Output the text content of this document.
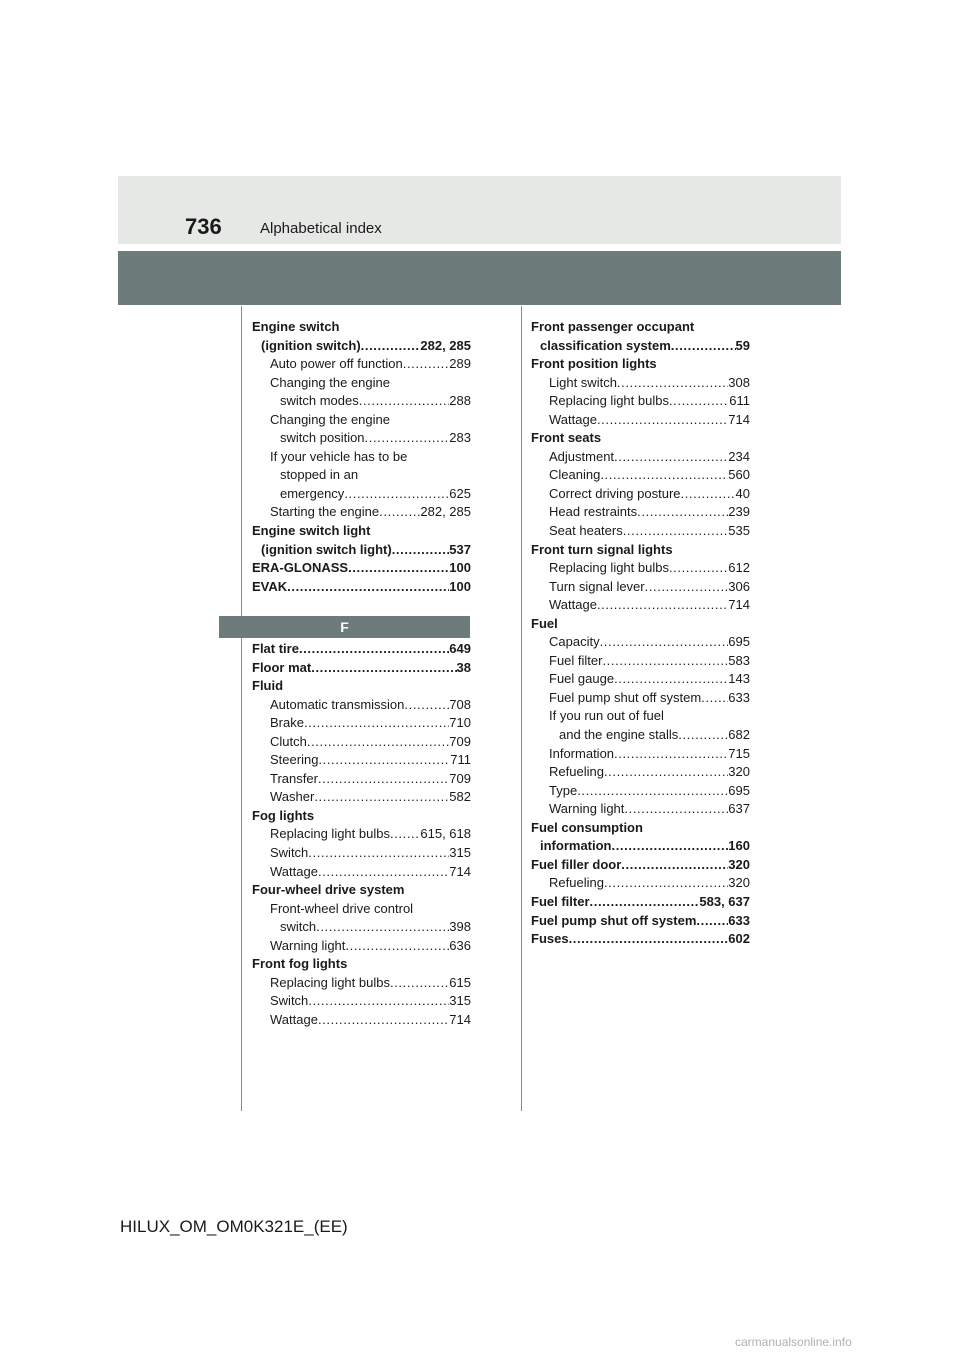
736	Alphabetical index
Engine switch
(ignition switch) .....	282, 285
Auto power off function .....	289
Changing the engine
switch modes .....	288
Changing the engine
switch position .....	283
If your vehicle has to be
stopped in an
emergency .....	625
Starting the engine .....	282, 285
Engine switch light
(ignition switch light) .....	537
ERA-GLONASS .....	100
EVAK .....	100
F
Flat tire .....	649
Floor mat .....	38
Fluid
Automatic transmission .....	708
Brake .....	710
Clutch .....	709
Steering .....	711
Transfer .....	709
Washer .....	582
Fog lights
Replacing light bulbs ..... 615, 618
Switch .....	315
Wattage .....	714
Four-wheel drive system
Front-wheel drive control
switch .....	398
Warning light .....	636
Front fog lights
Replacing light bulbs .....	615
Switch .....	315
Wattage .....	714
Front passenger occupant
classification system .....	59
Front position lights
Light switch .....	308
Replacing light bulbs .....	611
Wattage .....	714
Front seats
Adjustment .....	234
Cleaning .....	560
Correct driving posture .....	40
Head restraints .....	239
Seat heaters .....	535
Front turn signal lights
Replacing light bulbs .....	612
Turn signal lever .....	306
Wattage .....	714
Fuel
Capacity .....	695
Fuel filter .....	583
Fuel gauge .....	143
Fuel pump shut off system ..... 633
If you run out of fuel
and the engine stalls .....	682
Information .....	715
Refueling .....	320
Type .....	695
Warning light .....	637
Fuel consumption
information .....	160
Fuel filler door .....	320
Refueling .....	320
Fuel filter .....	583, 637
Fuel pump shut off system ..... 633
Fuses .....	602
HILUX_OM_OM0K321E_(EE)
carmanualsonline.info
